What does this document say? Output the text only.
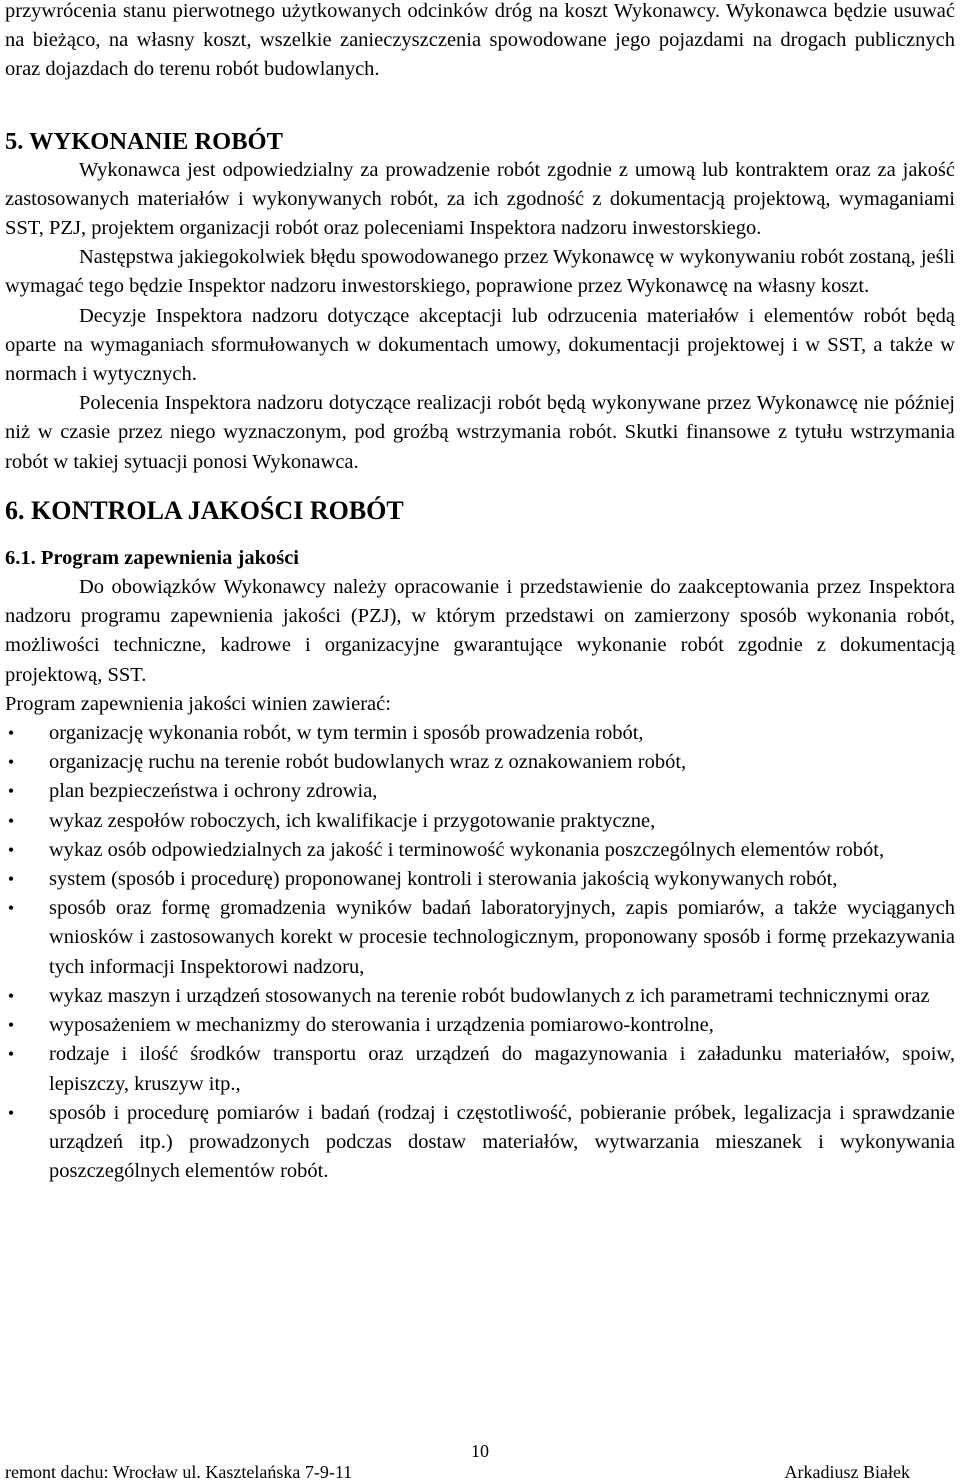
przywrócenia stanu pierwotnego użytkowanych odcinków dróg na koszt Wykonawcy. Wykonawca będzie usuwać na bieżąco, na własny koszt, wszelkie zanieczyszczenia spowodowane jego pojazdami na drogach publicznych oraz dojazdach do terenu robót budowlanych.

5. WYKONANIE ROBÓT

Wykonawca jest odpowiedzialny za prowadzenie robót zgodnie z umową lub kontraktem oraz za jakość zastosowanych materiałów i wykonywanych robót, za ich zgodność z dokumentacją projektową, wymaganiami SST, PZJ, projektem organizacji robót oraz poleceniami Inspektora nadzoru inwestorskiego.

Następstwa jakiegokolwiek błędu spowodowanego przez Wykonawcę w wykonywaniu robót zostaną, jeśli wymagać tego będzie Inspektor nadzoru inwestorskiego, poprawione przez Wykonawcę na własny koszt.

Decyzje Inspektora nadzoru dotyczące akceptacji lub odrzucenia materiałów i elementów robót będą oparte na wymaganiach sformułowanych w dokumentach umowy, dokumentacji projektowej i w SST, a także w normach i wytycznych.

Polecenia Inspektora nadzoru dotyczące realizacji robót będą wykonywane przez Wykonawcę nie później niż w czasie przez niego wyznaczonym, pod groźbą wstrzymania robót. Skutki finansowe z tytułu wstrzymania robót w takiej sytuacji ponosi Wykonawca.

6. KONTROLA JAKOŚCI ROBÓT

6.1. Program zapewnienia jakości

Do obowiązków Wykonawcy należy opracowanie i przedstawienie do zaakceptowania przez Inspektora nadzoru programu zapewnienia jakości (PZJ), w którym przedstawi on zamierzony sposób wykonania robót, możliwości techniczne, kadrowe i organizacyjne gwarantujące wykonanie robót zgodnie z dokumentacją projektową, SST.

Program zapewnienia jakości winien zawierać:

• organizację wykonania robót, w tym termin i sposób prowadzenia robót,
• organizację ruchu na terenie robót budowlanych wraz z oznakowaniem robót,
• plan bezpieczeństwa i ochrony zdrowia,
• wykaz zespołów roboczych, ich kwalifikacje i przygotowanie praktyczne,
• wykaz osób odpowiedzialnych za jakość i terminowość wykonania poszczególnych elementów robót,
• system (sposób i procedurę) proponowanej kontroli i sterowania jakością wykonywanych robót,
• sposób oraz formę gromadzenia wyników badań laboratoryjnych, zapis pomiarów, a także wyciąganych wniosków i zastosowanych korekt w procesie technologicznym, proponowany sposób i formę przekazywania tych informacji Inspektorowi nadzoru,
• wykaz maszyn i urządzeń stosowanych na terenie robót budowlanych z ich parametrami technicznymi oraz
• wyposażeniem w mechanizmy do sterowania i urządzenia pomiarowo-kontrolne,
• rodzaje i ilość środków transportu oraz urządzeń do magazynowania i załadunku materiałów, spoiw, lepiszczy, kruszyw itp.,
• sposób i procedurę pomiarów i badań (rodzaj i częstotliwość, pobieranie próbek, legalizacja i sprawdzanie urządzeń itp.) prowadzonych podczas dostaw materiałów, wytwarzania mieszanek i wykonywania poszczególnych elementów robót.
10
remont dachu: Wrocław ul. Kasztelańska 7-9-11	Arkadiusz Białek
